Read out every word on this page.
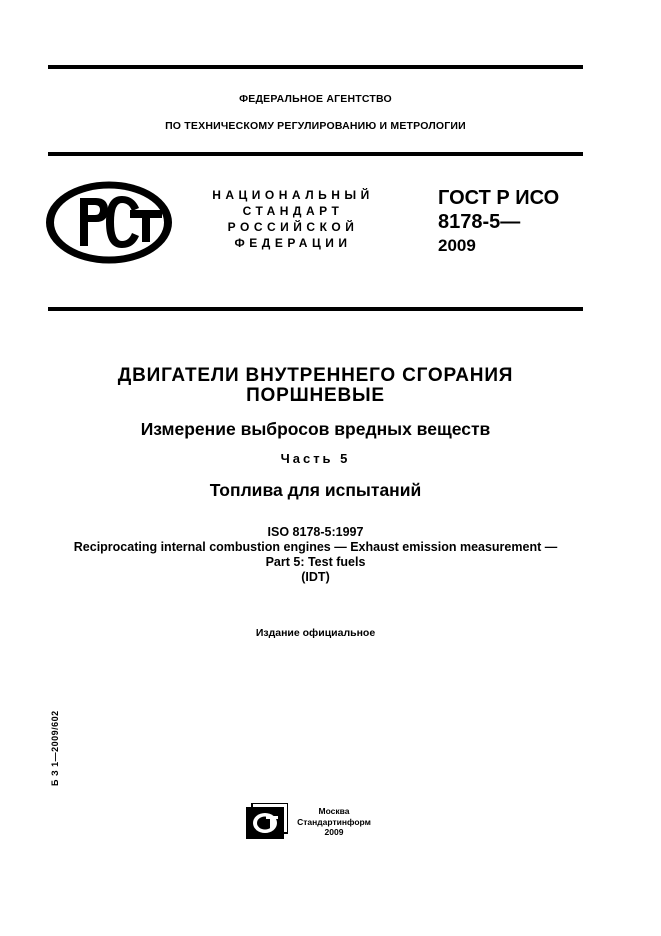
ФЕДЕРАЛЬНОЕ АГЕНТСТВО
ПО ТЕХНИЧЕСКОМУ РЕГУЛИРОВАНИЮ И МЕТРОЛОГИИ
НАЦИОНАЛЬНЫЙ
СТАНДАРТ
РОССИЙСКОЙ
ФЕДЕРАЦИИ
ГОСТ Р ИСО
8178-5—
2009
ДВИГАТЕЛИ ВНУТРЕННЕГО СГОРАНИЯ
ПОРШНЕВЫЕ
Измерение выбросов вредных веществ
Часть 5
Топлива для испытаний
ISO 8178-5:1997
Reciprocating internal combustion engines — Exhaust emission measurement —
Part 5: Test fuels
(IDT)
Издание официальное
Б З 1—2009/602
Москва
Стандартинформ
2009
